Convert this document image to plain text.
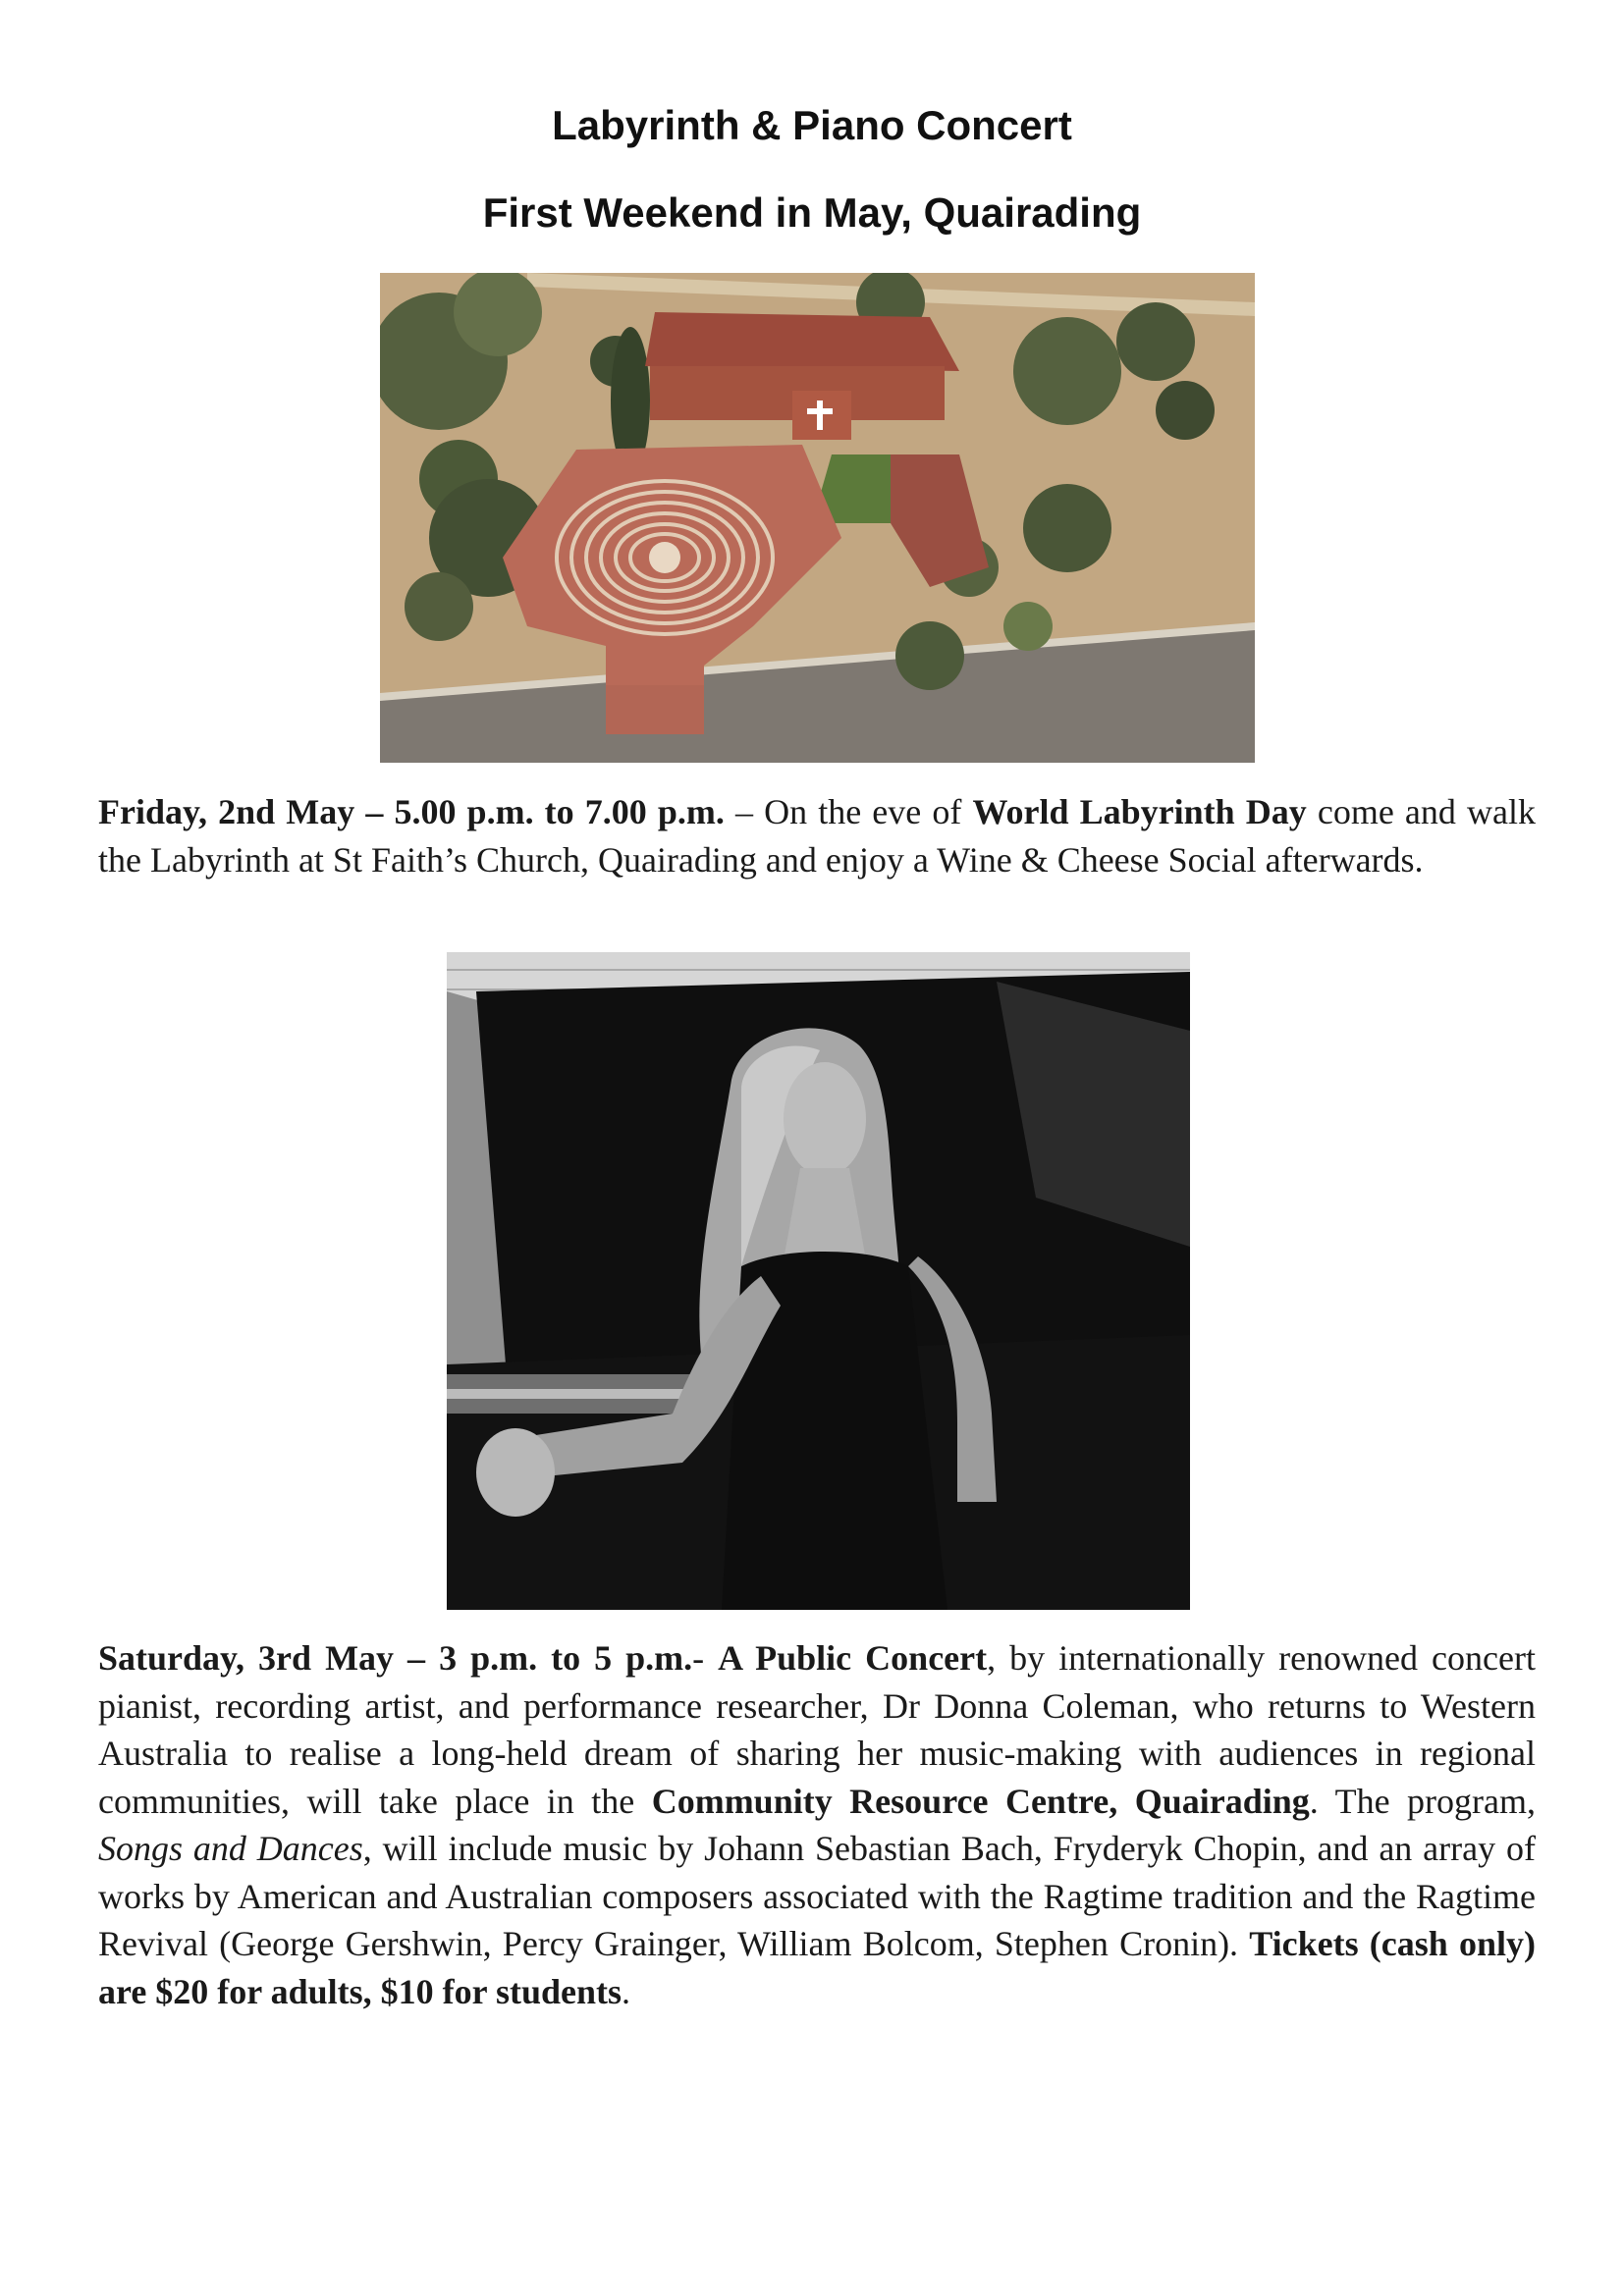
Labyrinth & Piano Concert
First Weekend in May, Quairading

Friday, 2nd May – 5.00 p.m. to 7.00 p.m. – On the eve of World Labyrinth Day come and walk the Labyrinth at St Faith’s Church, Quairading and enjoy a Wine & Cheese Social afterwards.

Saturday, 3rd May – 3 p.m. to 5 p.m.- A Public Concert, by internationally renowned concert pianist, recording artist, and performance researcher, Dr Donna Coleman, who returns to Western Australia to realise a long-held dream of sharing her music-making with audiences in regional communities, will take place in the Community Resource Centre, Quairading. The program, Songs and Dances, will include music by Johann Sebastian Bach, Fryderyk Chopin, and an array of works by American and Australian composers associated with the Ragtime tradition and the Ragtime Revival (George Gershwin, Percy Grainger, William Bolcom, Stephen Cronin). Tickets (cash only) are $20 for adults, $10 for students.
